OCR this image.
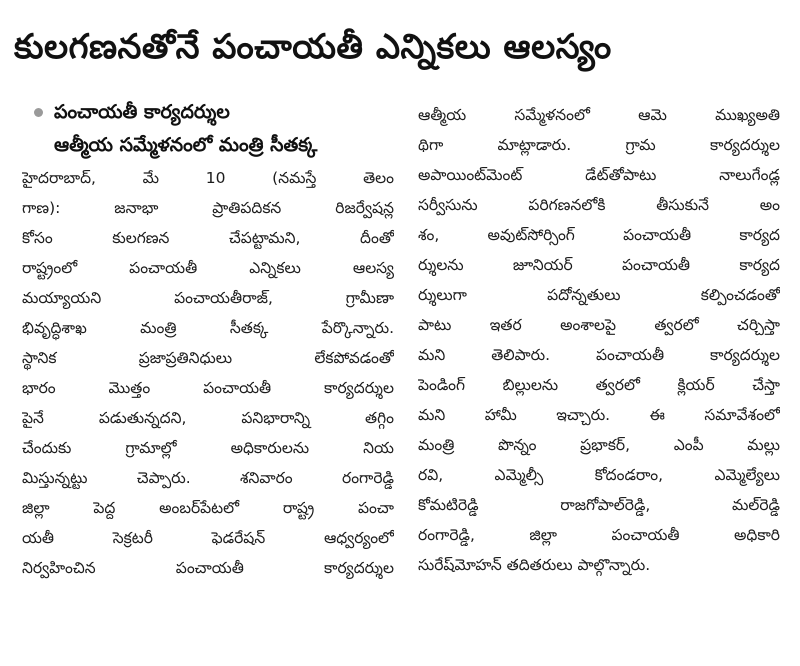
కులగణనతోనే పంచాయతీ ఎన్నికలు ఆలస్యం

పంచాయతీ కార్యదర్శుల

ఆత్మీయ సమ్మేళనంలో మంత్రి సీతక్క

హైదరాబాద్, మే 10 (నమస్తే తెలం
గాణ): జనాభా ప్రాతిపదికన రిజర్వేషన్ల
కోసం కులగణన చేపట్టామని, దీంతో
రాష్ట్రంలో పంచాయతీ ఎన్నికలు ఆలస్య
మయ్యాయని పంచాయతీరాజ్, గ్రామీణా
భివృద్ధిశాఖ మంత్రి సీతక్క పేర్కొన్నారు.
స్థానిక ప్రజాప్రతినిధులు లేకపోవడంతో
భారం మొత్తం పంచాయతీ కార్యదర్శుల
పైనే పడుతున్నదని, పనిభారాన్ని తగ్గిం
చేందుకు గ్రామాల్లో అధికారులను నియ
మిస్తున్నట్టు చెప్పారు. శనివారం రంగారెడ్డి
జిల్లా పెద్ద అంబర్‌పేటలో రాష్ట్ర పంచా
యతీ సెక్రటరీ ఫెడరేషన్ ఆధ్వర్యంలో
నిర్వహించిన పంచాయతీ కార్యదర్శుల
ఆత్మీయ సమ్మేళనంలో ఆమె ముఖ్యఅతి
థిగా మాట్లాడారు. గ్రామ కార్యదర్శుల
అపాయింట్‌మెంట్ డేట్‌తోపాటు నాలుగేండ్ల
సర్వీసును పరిగణనలోకి తీసుకునే అం
శం, అవుట్‌సోర్సింగ్ పంచాయతీ కార్యద
ర్శులను జూనియర్ పంచాయతీ కార్యద
ర్శులుగా పదోన్నతులు కల్పించడంతో
పాటు ఇతర అంశాలపై త్వరలో చర్చిస్తా
మని తెలిపారు. పంచాయతీ కార్యదర్శుల
పెండింగ్ బిల్లులను త్వరలో క్లియర్ చేస్తా
మని హామీ ఇచ్చారు. ఈ సమావేశంలో
మంత్రి పొన్నం ప్రభాకర్, ఎంపీ మల్లు
రవి, ఎమ్మెల్సీ కోదండరాం, ఎమ్మెల్యేలు
కోమటిరెడ్డి రాజగోపాల్‌రెడ్డి, మల్‌రెడ్డి
రంగారెడ్డి, జిల్లా పంచాయతీ అధికారి
సురేష్‌మోహన్ తదితరులు పాల్గొన్నారు.
